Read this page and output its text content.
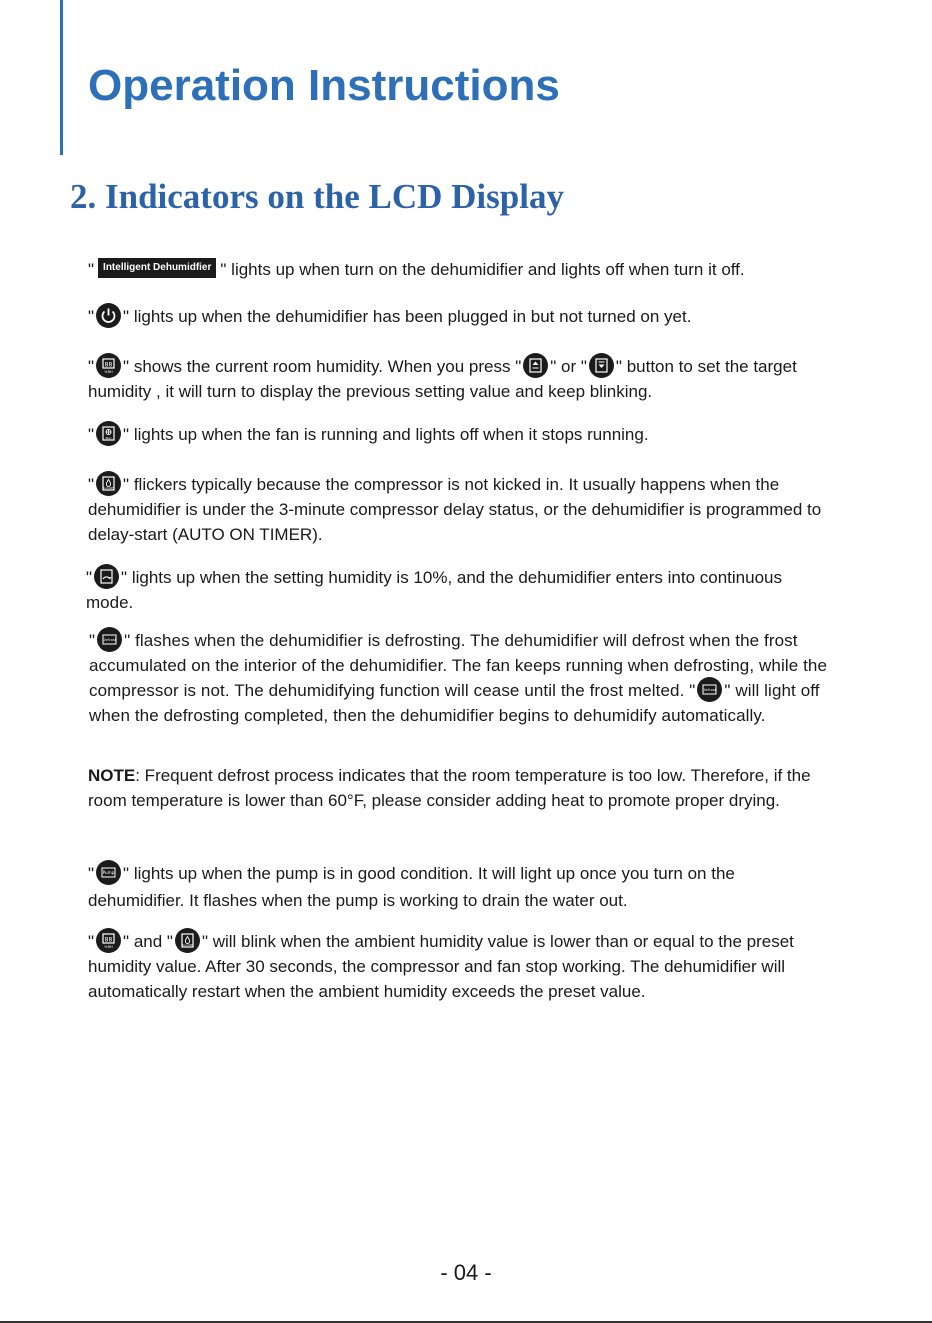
Operation Instructions
2. Indicators on the LCD Display

" Intelligent Dehumidfier " lights up when turn on the dehumidifier and lights off when turn it off.

" " lights up when the dehumidifier has been plugged in but not turned on yet.

" 88
%RH " shows the current room humidity. When you press " " or " " button to set the target humidity , it will turn to display the previous setting value and keep blinking.

"	Run " lights up when the fan is running and lights off when it stops running.

"	Humidify " flickers typically because the compressor is not kicked in. It usually happens when the dehumidifier is under the 3-minute compressor delay status, or the dehumidifier is programmed to delay-start (AUTO ON TIMER).

" " lights up when the setting humidity is 10%, and the dehumidifier enters into continuous mode.

" Defrost " flashes when the dehumidifier is defrosting. The dehumidifier will defrost when the frost accumulated on the interior of the dehumidifier. The fan keeps running when defrosting, while the compressor is not. The dehumidifying function will cease until the frost melted. " Defrost " will light off when the defrosting completed, then the dehumidifier begins to dehumidify automatically.

NOTE: Frequent defrost process indicates that the room temperature is too low. Therefore, if the room temperature is lower than 60°F, please consider adding heat to promote proper drying.

" Pump " lights up when the pump is in good condition. It will light up once you turn on the dehumidifier. It flashes when the pump is working to drain the water out.

" 88
%RH " and "	Humidify " will blink when the ambient humidity value is lower than or equal to the preset humidity value. After 30 seconds, the compressor and fan stop working. The dehumidifier will automatically restart when the ambient humidity exceeds the preset value.

- 04 -
